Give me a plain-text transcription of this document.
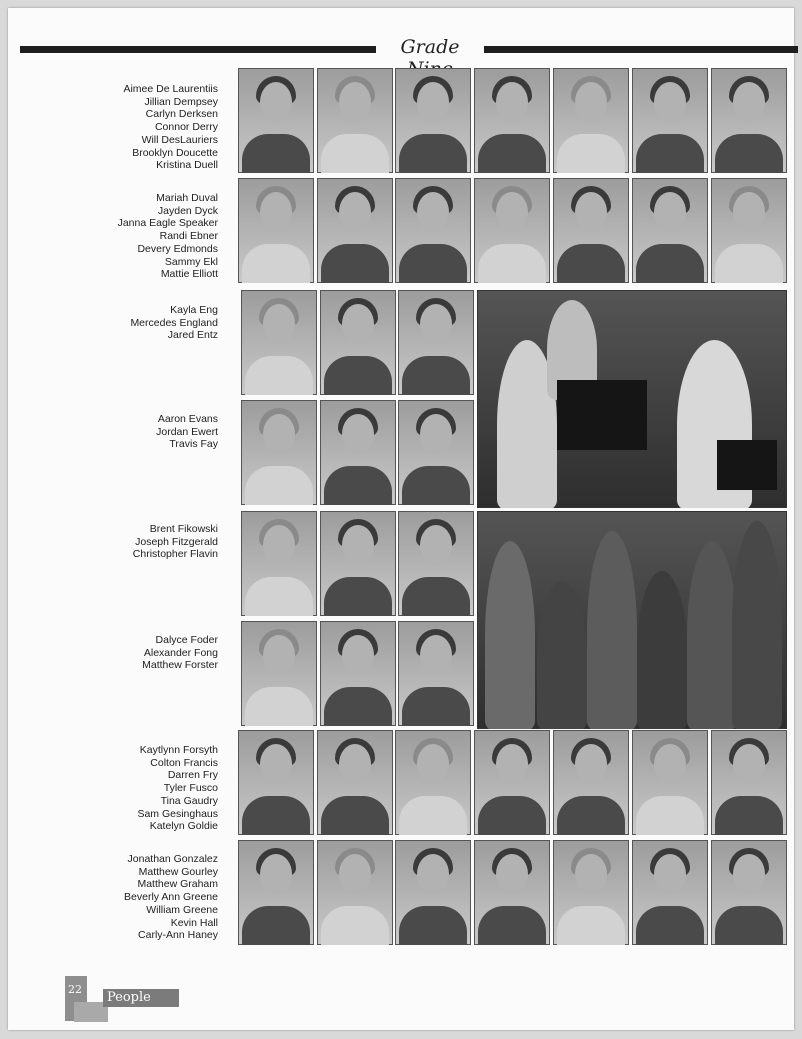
Grade
Aimee De Laurentiis
Jillian Dempsey
Carlyn Derksen
Connor Derry
Will DesLauriers
Brooklyn Doucette
Kristina Duell
Mariah Duval
Jayden Dyck
Janna Eagle Speaker
Randi Ebner
Devery Edmonds
Sammy Ekl
Mattie Elliott
Kayla Eng
Mercedes England
Jared Entz
Aaron Evans
Jordan Ewert
Travis Fay
Brent Fikowski
Joseph Fitzgerald
Christopher Flavin
Dalyce Foder
Alexander Fong
Matthew Forster
Kaytlynn Forsyth
Colton Francis
Darren Fry
Tyler Fusco
Tina Gaudry
Sam Gesinghaus
Katelyn Goldie
Jonathan Gonzalez
Matthew Gourley
Matthew Graham
Beverly Ann Greene
William Greene
Kevin Hall
Carly-Ann Haney
22
People
